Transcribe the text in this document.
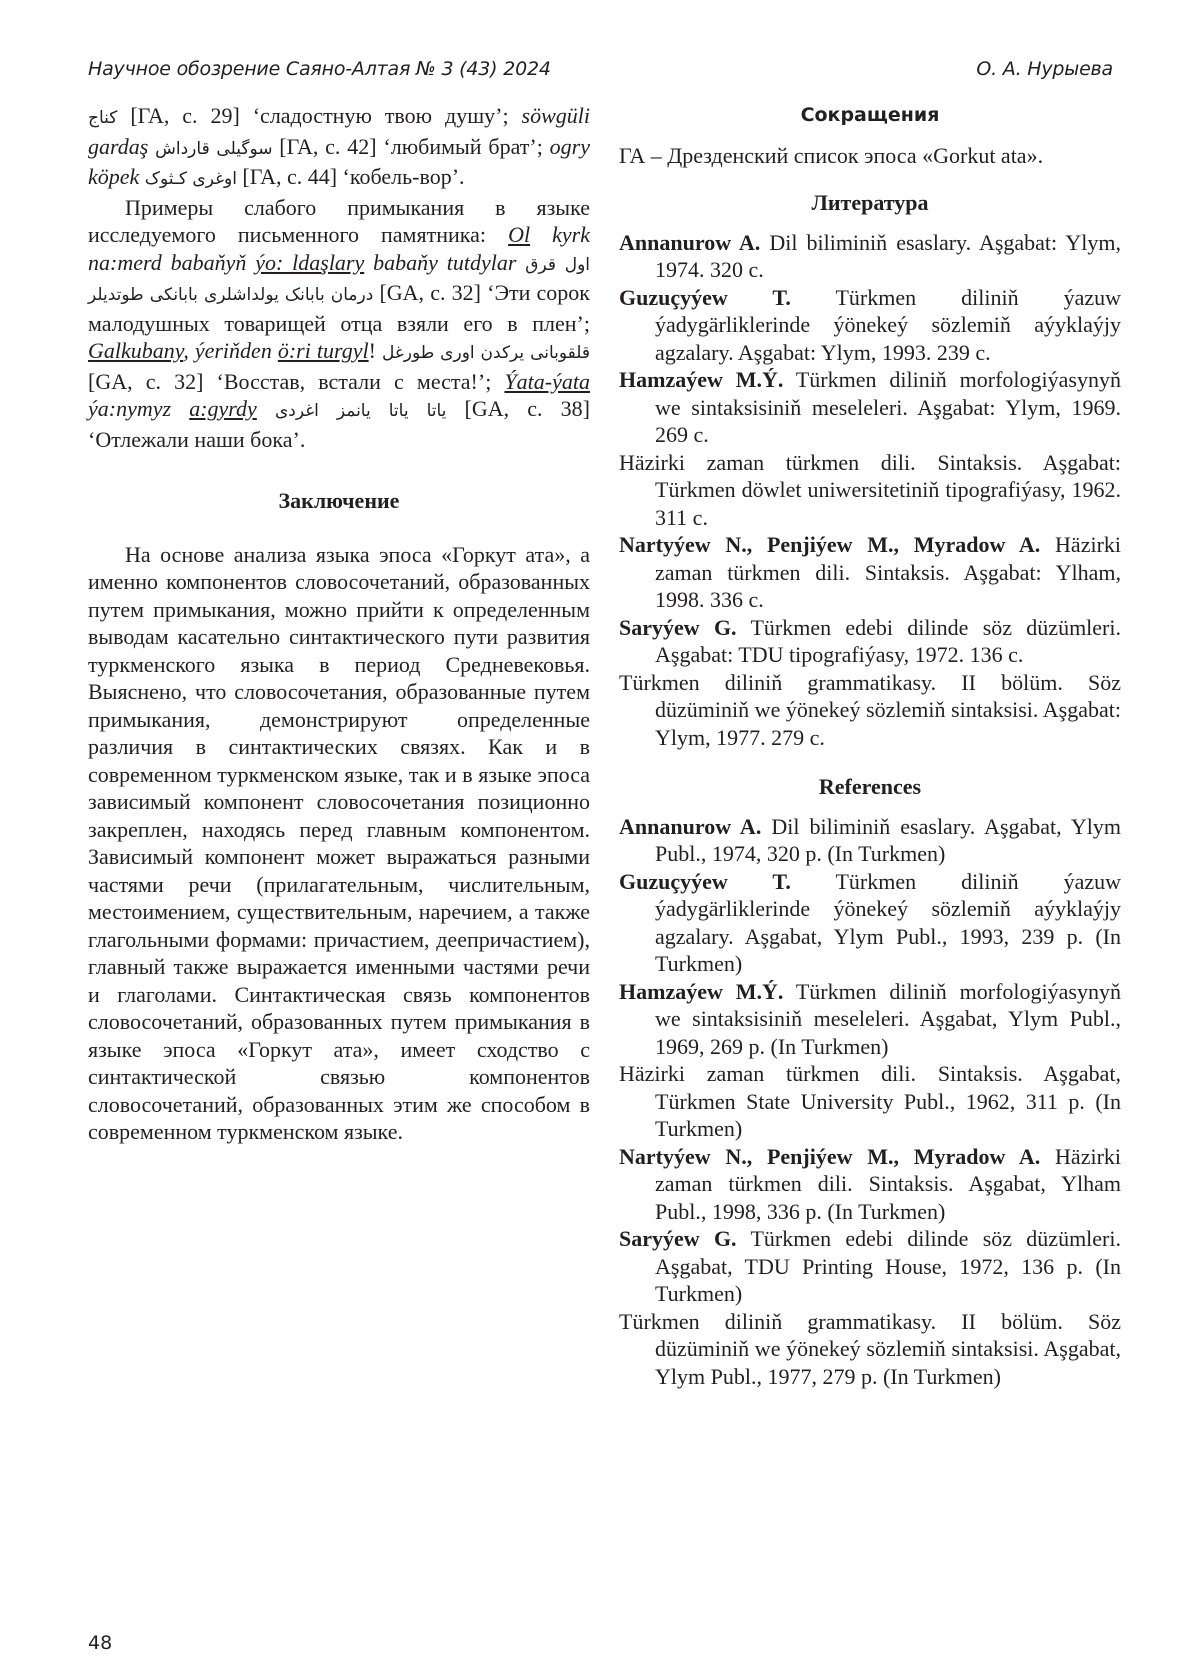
Научное обозрение Саяно-Алтая № 3 (43) 2024	О. А. Нурыева

کناج [ГА, с. 29] ‘сладостную твою душу’; söwgüli gardaş سوگیلی قارداش [ГА, с. 42] ‘любимый брат’; ogry köpek اوغری کـثوک [ГА, с. 44] ‘кобель-вор’.

Примеры слабого примыкания в языке исследуемого письменного памятника: Ol kyrk na:merd babaňyň ýo: ldaşlary babaňy tutdylar اول قرق درمان بابانک یولداشلری بابانکی طوتدیلر [GA, с. 32] ‘Эти сорок малодушных товарищей отца взяли его в плен’; Galkubany, ýeriňden ö:ri turgyl! قلقوبانی یرکدن اوری طورغل [GA, с. 32] ‘Восстав, встали с места!’; Ýata-ýata ýa:nymyz a:gyrdy یاتا یاتا یانمز اغردی [GA, с. 38] ‘Отлежали наши бока’.

Заключение

На основе анализа языка эпоса «Горкут ата», а именно компонентов словосочетаний, образованных путем примыкания, можно прийти к определенным выводам касательно синтактического пути развития туркменского языка в период Средневековья. Выяснено, что словосочетания, образованные путем примыкания, демонстрируют определенные различия в синтактических связях. Как и в современном туркменском языке, так и в языке эпоса зависимый компонент словосочетания позиционно закреплен, находясь перед главным компонентом. Зависимый компонент может выражаться разными частями речи (прилагательным, числительным, местоимением, существительным, наречием, а также глагольными формами: причастием, деепричастием), главный также выражается именными частями речи и глаголами. Синтактическая связь компонентов словосочетаний, образованных путем примыкания в языке эпоса «Горкут ата», имеет сходство с синтактической связью компонентов словосочетаний, образованных этим же способом в современном туркменском языке.

Сокращения

ГА – Дрезденский список эпоса «Gorkut ata».

Литература

Annanurow A. Dil biliminiň esaslary. Aşgabat: Ylym, 1974. 320 с.

Guzuçyýew T. Türkmen diliniň ýazuw ýadygärliklerinde ýönekeý sözlemiň aýyklaýjy agzalary. Aşgabat: Ylym, 1993. 239 с.

Hamzaýew M.Ý. Türkmen diliniň morfologiýasynyň we sintaksisiniň meseleleri. Aşgabat: Ylym, 1969. 269 с.

Häzirki zaman türkmen dili. Sintaksis. Aşgabat: Türkmen döwlet uniwersitetiniň tipografiýasy, 1962. 311 с.

Nartyýew N., Penjiýew M., Myradow A. Häzirki zaman türkmen dili. Sintaksis. Aşgabat: Ylham, 1998. 336 с.

Saryýew G. Türkmen edebi dilinde söz düzümleri. Aşgabat: TDU tipografiýasy, 1972. 136 с.

Türkmen diliniň grammatikasy. II bölüm. Söz düzüminiň we ýönekeý sözlemiň sintaksisi. Aşgabat: Ylym, 1977. 279 с.

References

Annanurow A. Dil biliminiň esaslary. Aşgabat, Ylym Publ., 1974, 320 p. (In Turkmen)

Guzuçyýew T. Türkmen diliniň ýazuw ýadygärliklerinde ýönekeý sözlemiň aýyklaýjy agzalary. Aşgabat, Ylym Publ., 1993, 239 p. (In Turkmen)

Hamzaýew M.Ý. Türkmen diliniň morfologiýasynyň we sintaksisiniň meseleleri. Aşgabat, Ylym Publ., 1969, 269 p. (In Turkmen)

Häzirki zaman türkmen dili. Sintaksis. Aşgabat, Türkmen State University Publ., 1962, 311 p. (In Turkmen)

Nartyýew N., Penjiýew M., Myradow A. Häzirki zaman türkmen dili. Sintaksis. Aşgabat, Ylham Publ., 1998, 336 p. (In Turkmen)

Saryýew G. Türkmen edebi dilinde söz düzümleri. Aşgabat, TDU Printing House, 1972, 136 p. (In Turkmen)

Türkmen diliniň grammatikasy. II bölüm. Söz düzüminiň we ýönekeý sözlemiň sintaksisi. Aşgabat, Ylym Publ., 1977, 279 p. (In Turkmen)

48
